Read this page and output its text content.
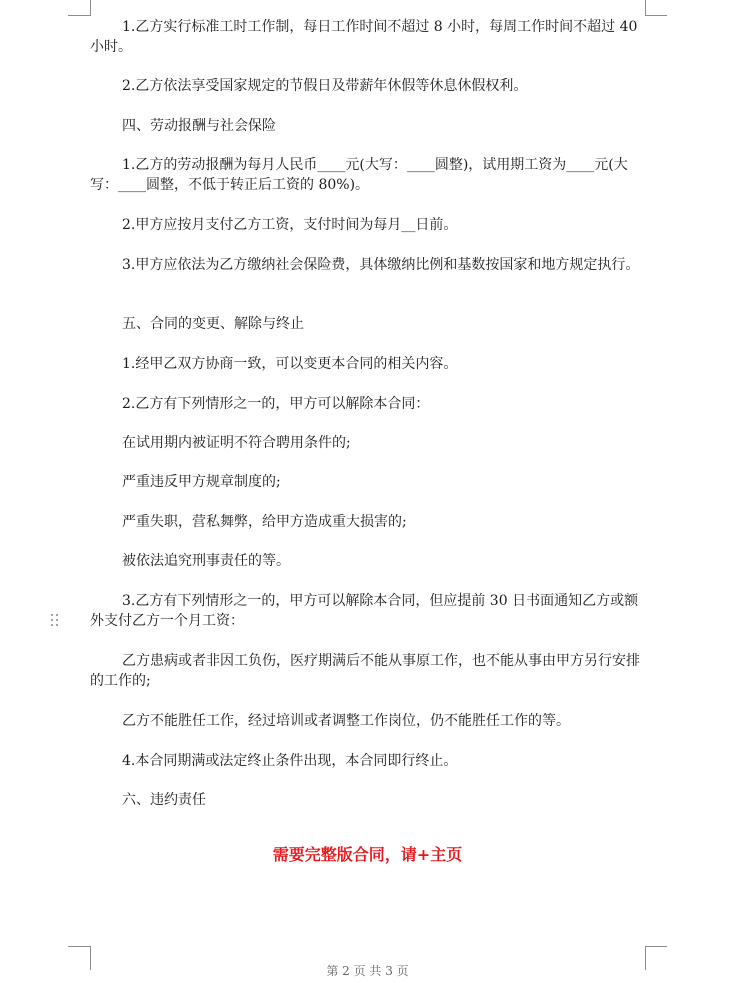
1.乙方实行标准工时工作制，每日工作时间不超过 8 小时，每周工作时间不超过 40 小时。

2.乙方依法享受国家规定的节假日及带薪年休假等休息休假权利。

四、劳动报酬与社会保险

1.乙方的劳动报酬为每月人民币____元(大写：____圆整)，试用期工资为____元(大写：____圆整，不低于转正后工资的 80%)。

2.甲方应按月支付乙方工资，支付时间为每月__日前。

3.甲方应依法为乙方缴纳社会保险费，具体缴纳比例和基数按国家和地方规定执行。

五、合同的变更、解除与终止

1.经甲乙双方协商一致，可以变更本合同的相关内容。

2.乙方有下列情形之一的，甲方可以解除本合同：

在试用期内被证明不符合聘用条件的;

严重违反甲方规章制度的;

严重失职，营私舞弊，给甲方造成重大损害的;

被依法追究刑事责任的等。

3.乙方有下列情形之一的，甲方可以解除本合同，但应提前 30 日书面通知乙方或额外支付乙方一个月工资：

乙方患病或者非因工负伤，医疗期满后不能从事原工作，也不能从事由甲方另行安排的工作的;

乙方不能胜任工作，经过培训或者调整工作岗位，仍不能胜任工作的等。

4.本合同期满或法定终止条件出现，本合同即行终止。

六、违约责任

需要完整版合同，请+主页

第 2 页 共 3 页
